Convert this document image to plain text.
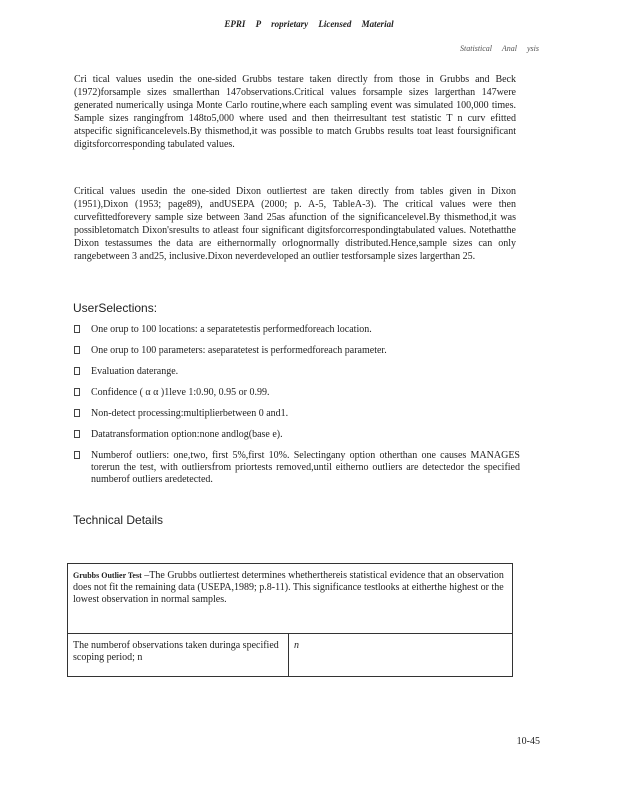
EPRI P roprietary Licensed Material
Statistical Anal ysis
Cri tical values usedin the one-sided Grubbs testare taken directly from those in Grubbs and Beck (1972)forsample sizes smallerthan 147observations.Critical values forsample sizes largerthan 147were generated numerically usinga Monte Carlo routine,where each sampling event was simulated 100,000 times. Sample sizes rangingfrom 148to5,000 where used and then theirresultant test statistic T n curv efitted atspecific significancelevels.By thismethod,it was possible to match Grubbs results toat least foursignificant digitsforcorresponding tabulated values.
Critical values usedin the one-sided Dixon outliertest are taken directly from tables given in Dixon (1951),Dixon (1953; page89), andUSEPA (2000; p. A-5, TableA-3). The critical values were then curvefittedforevery sample size between 3and 25as afunction of the significancelevel.By thismethod,it was possibletomatch Dixon'sresults to atleast four significant digitsforcorrespondingtabulated values. Notethatthe Dixon testassumes the data are eithernormally orlognormally distributed.Hence,sample sizes can only rangebetween 3 and25, inclusive.Dixon neverdeveloped an outlier testforsample sizes largerthan 25.
UserSelections:
One orup to 100 locations: a separatetestis performedforeach location.
One orup to 100 parameters: aseparatetest is performedforeach parameter.
Evaluation daterange.
Confidence ( α α )1leve 1:0.90, 0.95 or 0.99.
Non-detect processing:multiplierbetween 0 and1.
Datatransformation option:none andlog(base e).
Numberof outliers: one,two, first 5%,first 10%. Selectingany option otherthan one causes MANAGES torerun the test, with outliersfrom priortests removed,until eitherno outliers are detectedor the specified numberof outliers aredetected.
Technical Details
Grubbs Outlier Test –The Grubbs outliertest determines whetherthereis statistical evidence that an observation does not fit the remaining data (USEPA,1989; p.8-11). This significance testlooks at eitherthe highest or the lowest observation in normal samples.
The numberof observations taken duringa specified scoping period; n	n
10-45
